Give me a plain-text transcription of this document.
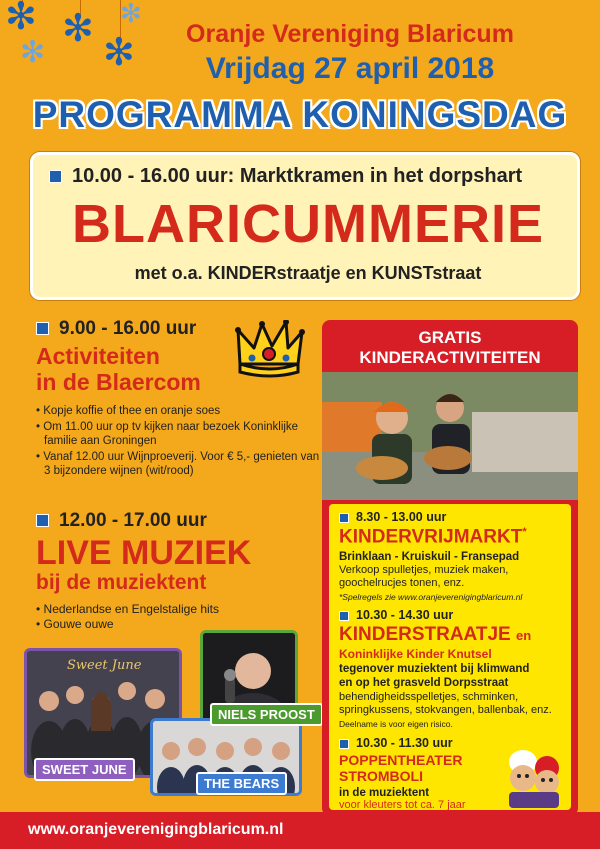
✻ ✻
✻ ✻
✻
Oranje Vereniging Blaricum
Vrijdag 27 april 2018
PROGRAMMA KONINGSDAG
10.00 - 16.00 uur: Marktkramen in het dorpshart
BLARICUMMERIE
met o.a. KINDERstraatje en KUNSTstraat
9.00 - 16.00 uur
Activiteiten
in de Blaercom
• Kopje koffie of thee en oranje soes
• Om 11.00 uur op tv kijken naar bezoek Koninklijke familie aan Groningen
• Vanaf 12.00 uur Wijnproeverij. Voor € 5,- genieten van 3 bijzondere wijnen (wit/rood)
12.00 - 17.00 uur
LIVE MUZIEK
bij de muziektent
• Nederlandse en Engelstalige hits
• Gouwe ouwe
Sweet June
SWEET JUNE
NIELS PROOST
THE BEARS
GRATIS
KINDERACTIVITEITEN
8.30 - 13.00 uur
KINDERVRIJMARKT*
Brinklaan - Kruiskuil - Fransepad
Verkoop spulletjes, muziek maken,
goochelrucjes tonen, enz.
*Spelregels zie www.oranjeverenigingblaricum.nl
10.30 - 14.30 uur
KINDERSTRAATJE en
Koninklijke Kinder Knutsel
tegenover muziektent bij klimwand
en op het grasveld Dorpsstraat
behendigheidsspelletjes, schminken,
springkussens, stokvangen, ballenbak, enz.
Deelname is voor eigen risico.
10.30 - 11.30 uur
POPPENTHEATER
STROMBOLI
in de muziektent
voor kleuters tot ca. 7 jaar
www.oranjeverenigingblaricum.nl
